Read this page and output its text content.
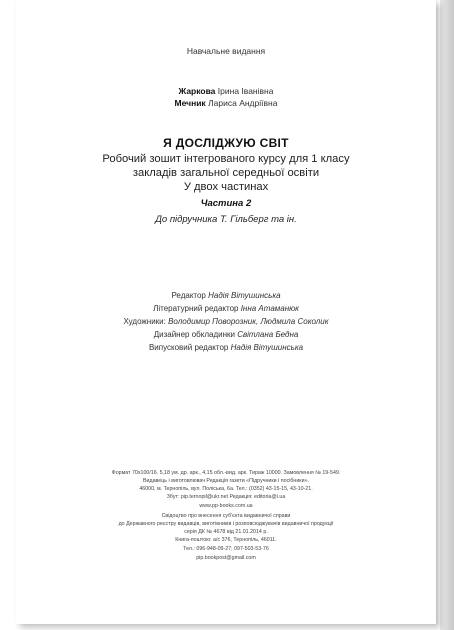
Навчальне видання
Жаркова Ірина Іванівна
Мечник Лариса Андріївна
Я ДОСЛІДЖУЮ СВІТ
Робочий зошит інтегрованого курсу для 1 класу
закладів загальної середньої освіти
У двох частинах
Частина 2
До підручника Т. Гільберг та ін.
Редактор Надія Вітушинська
Літературний редактор Інна Атаманюк
Художники: Володимир Поворозник, Людмила Соколик
Дизайнер обкладинки Світлана Бедна
Випусковий редактор Надія Вітушинська
Формат 70х100/16. 5,18 ум. др. арк., 4,15 обл.-вид. арк. Тираж 10000. Замовлення № 19-549.
Видавець і виготовлювач Редакція газети «Підручники і посібники».
46000, м. Тернопіль, вул. Поліська, 6а. Тел.: (0352) 43-15-15, 43-10-21.
Збут: pip.ternopil@ukr.net Редакція: editoria@i.ua
www.pp-books.com.ua
Свідоцтво про внесення суб'єкта видавничої справи
до Державного реєстру видавців, виготівників і розповсюджувачів видавничої продукції
серія ДК № 4678 від 21.01.2014 р.
Книга-поштою: а/с 376, Тернопіль, 46011.
Тел.: 096-948-09-27; 097-503-53-76
pip.bookpost@gmail.com
